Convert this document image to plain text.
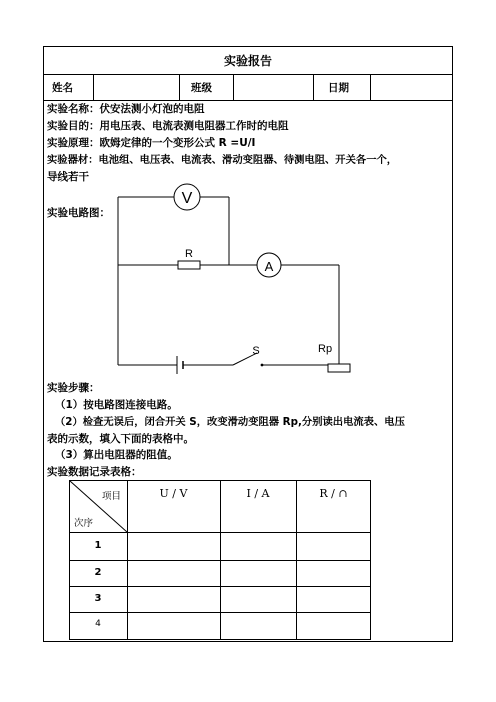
实验报告
姓名	班级	日期
实验名称：伏安法测小灯泡的电阻
实验目的：用电压表、电流表测电阻器工作时的电阻
实验原理：欧姆定律的一个变形公式 R =U/I
实验器材：电池组、电压表、电流表、滑动变阻器、待测电阻、开关各一个，
导线若干
实验电路图：
V
R
A
S	Rp
实验步骤：
（1）按电路图连接电路。
（2）检查无误后，闭合开关 S，改变滑动变阻器 Rp,分别读出电流表、电压
表的示数，填入下面的表格中。
（3）算出电阻器的阻值。
实验数据记录表格：
项目
次序
U / V	I / A	R / ∩
1
2
3
4
